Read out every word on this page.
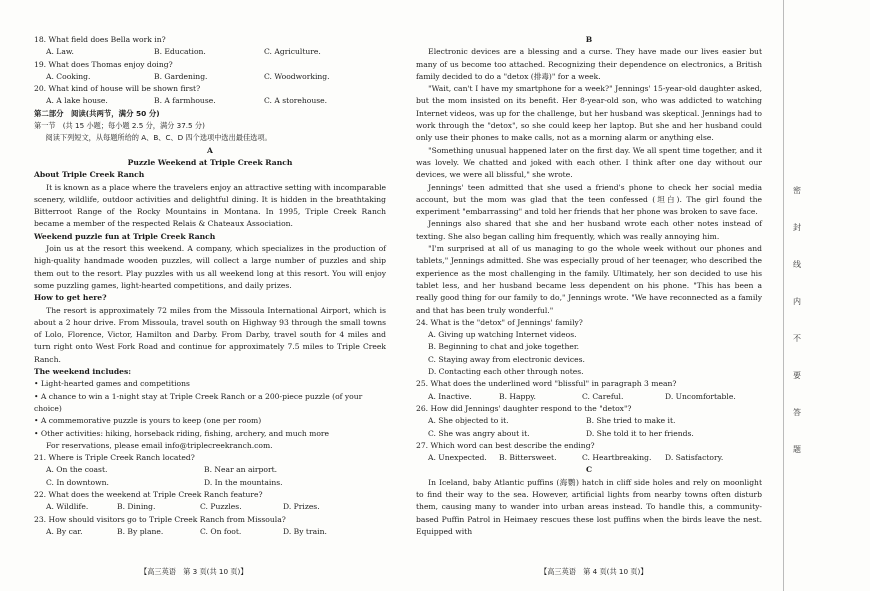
18. What field does Bella work in?

A. Law.	B. Education.	C. Agriculture.

19. What does Thomas enjoy doing?

A. Cooking.	B. Gardening.	C. Woodworking.

20. What kind of house will be shown first?

A. A lake house.	B. A farmhouse.	C. A storehouse.

第二部分　阅读(共两节，满分 50 分)

第一节　(共 15 小题；每小题 2.5 分，满分 37.5 分)

阅读下列短文，从每题所给的 A、B、C、D 四个选项中选出最佳选项。

A

Puzzle Weekend at Triple Creek Ranch

About Triple Creek Ranch

It is known as a place where the travelers enjoy an attractive setting with incomparable scenery, wildlife, outdoor activities and delightful dining. It is hidden in the breathtaking Bitterroot Range of the Rocky Mountains in Montana. In 1995, Triple Creek Ranch became a member of the respected Relais & Chateaux Association.

Weekend puzzle fun at Triple Creek Ranch

Join us at the resort this weekend. A company, which specializes in the production of high-quality handmade wooden puzzles, will collect a large number of puzzles and ship them out to the resort. Play puzzles with us all weekend long at this resort. You will enjoy some puzzling games, light-hearted competitions, and daily prizes.

How to get here?

The resort is approximately 72 miles from the Missoula International Airport, which is about a 2 hour drive. From Missoula, travel south on Highway 93 through the small towns of Lolo, Florence, Victor, Hamilton and Darby. From Darby, travel south for 4 miles and turn right onto West Fork Road and continue for approximately 7.5 miles to Triple Creek Ranch.

The weekend includes:

• Light-hearted games and competitions
• A chance to win a 1-night stay at Triple Creek Ranch or a 200-piece puzzle (of your choice)
• A commemorative puzzle is yours to keep (one per room)
• Other activities: hiking, horseback riding, fishing, archery, and much more

For reservations, please email info@triplecreekranch.com.

21. Where is Triple Creek Ranch located?

A. On the coast.	B. Near an airport.
C. In downtown.	D. In the mountains.

22. What does the weekend at Triple Creek Ranch feature?

A. Wildlife.	B. Dining.	C. Puzzles.	D. Prizes.

23. How should visitors go to Triple Creek Ranch from Missoula?

A. By car.	B. By plane.	C. On foot.	D. By train.

B

Electronic devices are a blessing and a curse. They have made our lives easier but many of us become too attached. Recognizing their dependence on electronics, a British family decided to do a "detox (排毒)" for a week.

"Wait, can't I have my smartphone for a week?" Jennings' 15-year-old daughter asked, but the mom insisted on its benefit. Her 8-year-old son, who was addicted to watching Internet videos, was up for the challenge, but her husband was skeptical. Jennings had to work through the "detox", so she could keep her laptop. But she and her husband could only use their phones to make calls, not as a morning alarm or anything else.

"Something unusual happened later on the first day. We all spent time together, and it was lovely. We chatted and joked with each other. I think after one day without our devices, we were all blissful," she wrote.

Jennings' teen admitted that she used a friend's phone to check her social media account, but the mom was glad that the teen confessed (坦白). The girl found the experiment "embarrassing" and told her friends that her phone was broken to save face.

Jennings also shared that she and her husband wrote each other notes instead of texting. She also began calling him frequently, which was really annoying him.

"I'm surprised at all of us managing to go the whole week without our phones and tablets," Jennings admitted. She was especially proud of her teenager, who described the experience as the most challenging in the family. Ultimately, her son decided to use his tablet less, and her husband became less dependent on his phone. "This has been a really good thing for our family to do," Jennings wrote. "We have reconnected as a family and that has been truly wonderful."

24. What is the "detox" of Jennings' family?

A. Giving up watching Internet videos.
B. Beginning to chat and joke together.
C. Staying away from electronic devices.
D. Contacting each other through notes.

25. What does the underlined word "blissful" in paragraph 3 mean?

A. Inactive.	B. Happy.	C. Careful.	D. Uncomfortable.

26. How did Jennings' daughter respond to the "detox"?

A. She objected to it.	B. She tried to make it.
C. She was angry about it.	D. She told it to her friends.

27. Which word can best describe the ending?

A. Unexpected.	B. Bittersweet.	C. Heartbreaking.	D. Satisfactory.

C

In Iceland, baby Atlantic puffins (海鹦) hatch in cliff side holes and rely on moonlight to find their way to the sea. However, artificial lights from nearby towns often disturb them, causing many to wander into urban areas instead. To handle this, a community-based Puffin Patrol in Heimaey rescues these lost puffins when the birds leave the nest. Equipped with

【高三英语　第 3 页(共 10 页)】	【高三英语　第 4 页(共 10 页)】
密
封
线
内
不
要
答
题
